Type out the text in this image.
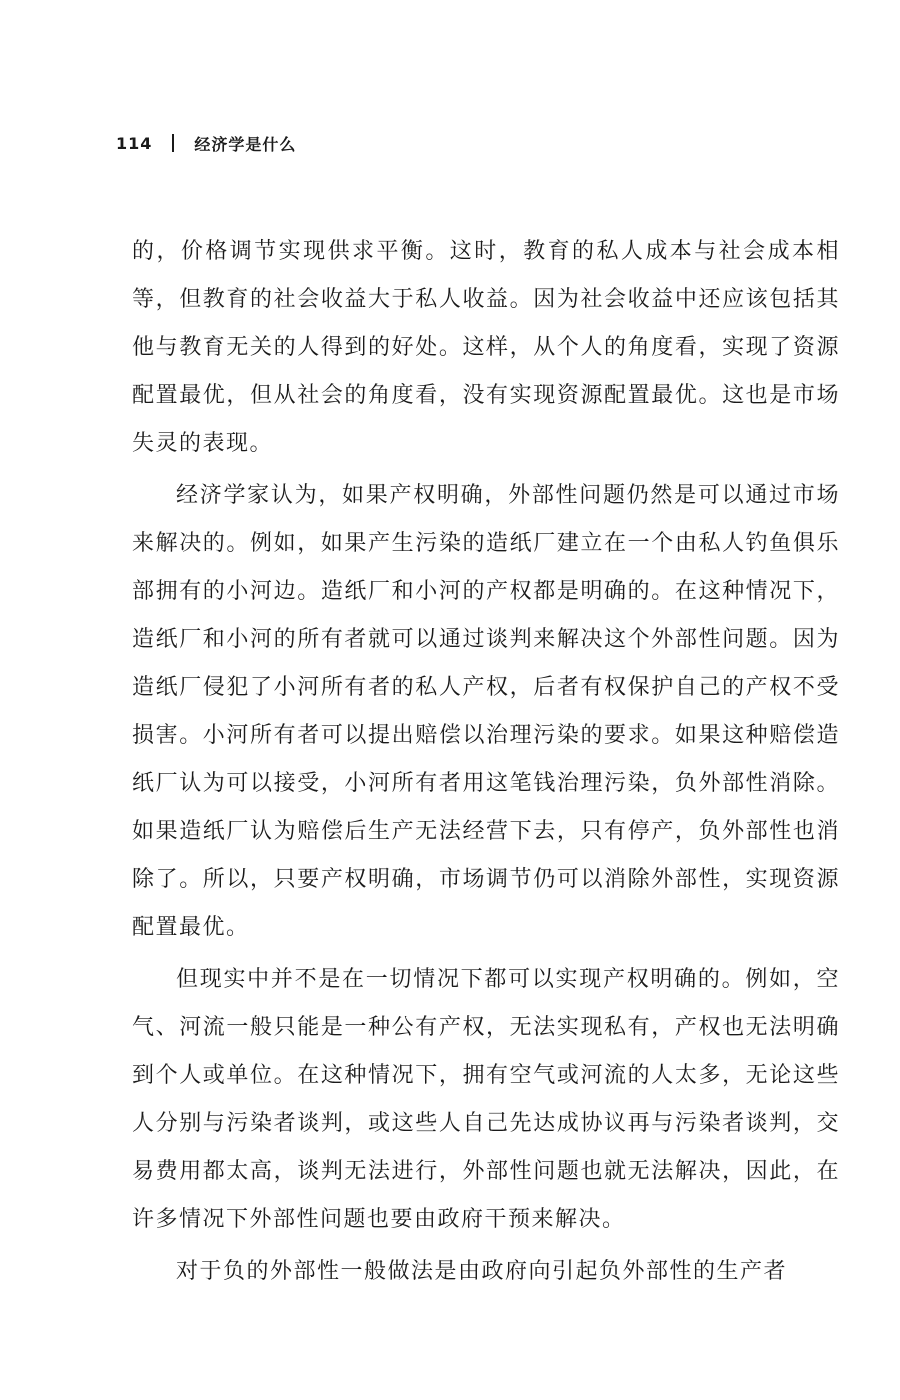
114	经济学是什么

的，价格调节实现供求平衡。这时，教育的私人成本与社会成本相等，但教育的社会收益大于私人收益。因为社会收益中还应该包括其他与教育无关的人得到的好处。这样，从个人的角度看，实现了资源配置最优，但从社会的角度看，没有实现资源配置最优。这也是市场失灵的表现。

经济学家认为，如果产权明确，外部性问题仍然是可以通过市场来解决的。例如，如果产生污染的造纸厂建立在一个由私人钓鱼俱乐部拥有的小河边。造纸厂和小河的产权都是明确的。在这种情况下，造纸厂和小河的所有者就可以通过谈判来解决这个外部性问题。因为造纸厂侵犯了小河所有者的私人产权，后者有权保护自己的产权不受损害。小河所有者可以提出赔偿以治理污染的要求。如果这种赔偿造纸厂认为可以接受，小河所有者用这笔钱治理污染，负外部性消除。如果造纸厂认为赔偿后生产无法经营下去，只有停产，负外部性也消除了。所以，只要产权明确，市场调节仍可以消除外部性，实现资源配置最优。

但现实中并不是在一切情况下都可以实现产权明确的。例如，空气、河流一般只能是一种公有产权，无法实现私有，产权也无法明确到个人或单位。在这种情况下，拥有空气或河流的人太多，无论这些人分别与污染者谈判，或这些人自己先达成协议再与污染者谈判，交易费用都太高，谈判无法进行，外部性问题也就无法解决，因此，在许多情况下外部性问题也要由政府干预来解决。

对于负的外部性一般做法是由政府向引起负外部性的生产者
